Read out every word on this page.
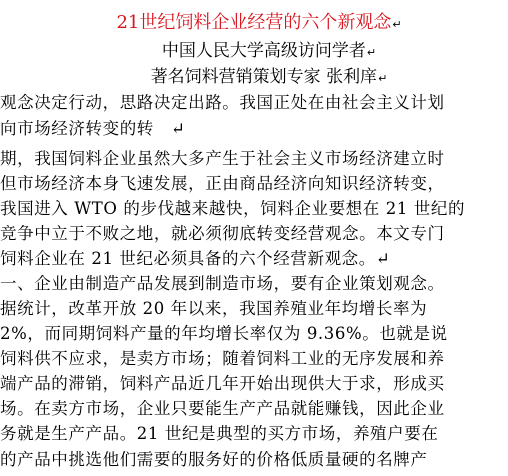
21世纪饲料企业经营的六个新观念↵
中国人民大学高级访问学者↵
著名饲料营销策划专家 张利庠↵
观念决定行动，思路决定出路。我国正处在由社会主义计划
向市场经济转变的转　↵
期，我国饲料企业虽然大多产生于社会主义市场经济建立时
但市场经济本身飞速发展，正由商品经济向知识经济转变，
我国进入 WTO 的步伐越来越快，饲料企业要想在 21 世纪的
竞争中立于不败之地，就必须彻底转变经营观念。本文专门
饲料企业在 21 世纪必须具备的六个经营新观念。↵
一、企业由制造产品发展到制造市场，要有企业策划观念。
据统计，改革开放 20 年以来，我国养殖业年均增长率为
2%，而同期饲料产量的年均增长率仅为 9.36%。也就是说
饲料供不应求，是卖方市场；随着饲料工业的无序发展和养
端产品的滞销，饲料产品近几年开始出现供大于求，形成买
场。在卖方市场，企业只要能生产产品就能赚钱，因此企业
务就是生产产品。21 世纪是典型的买方市场，养殖户要在
的产品中挑选他们需要的服务好的价格低质量硬的名牌产
